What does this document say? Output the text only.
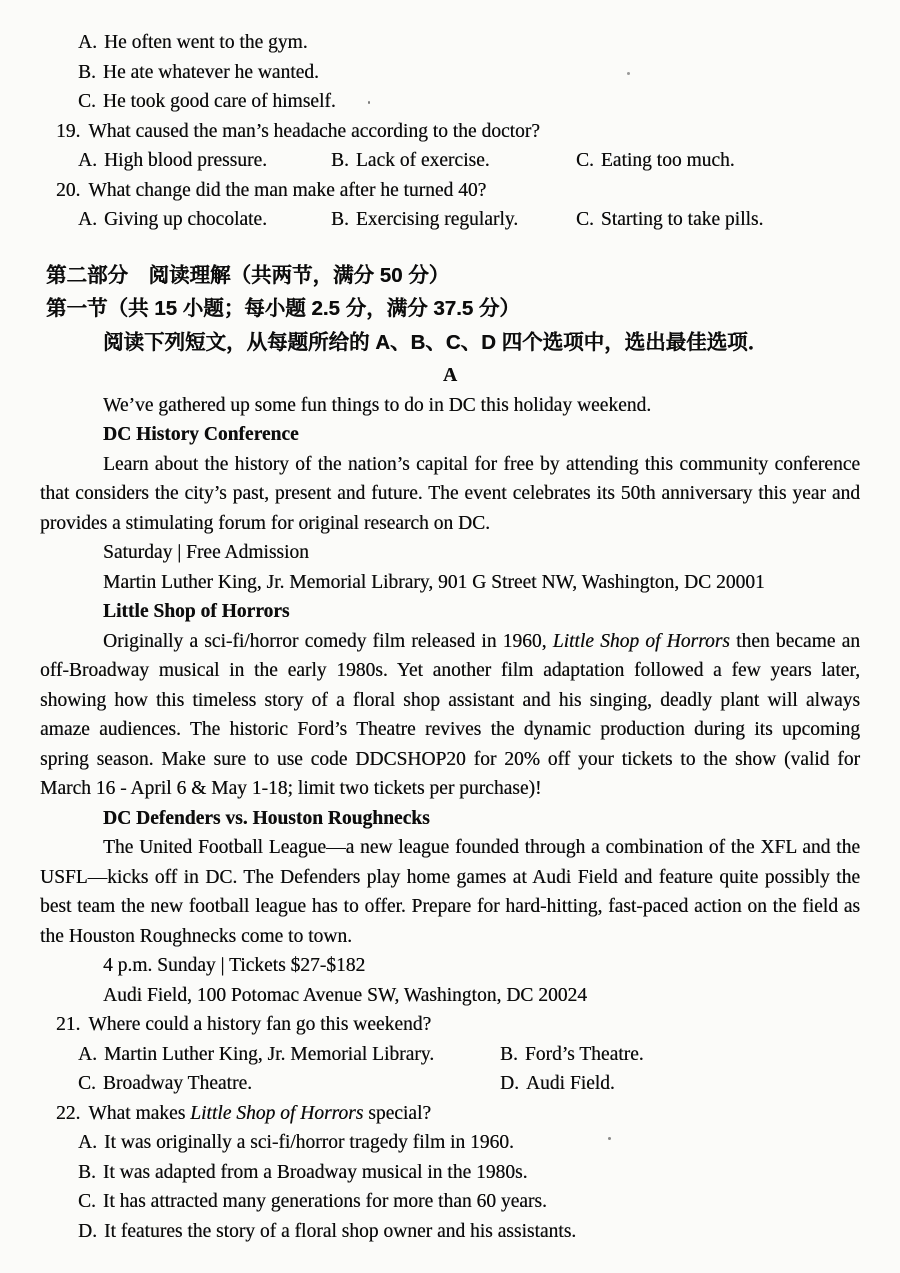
A. He often went to the gym.

B. He ate whatever he wanted.

C. He took good care of himself.

19. What caused the man’s headache according to the doctor?

A. High blood pressure.	B. Lack of exercise.	C. Eating too much.

20. What change did the man make after he turned 40?

A. Giving up chocolate.	B. Exercising regularly.	C. Starting to take pills.

第二部分　阅读理解（共两节，满分 50 分）

第一节（共 15 小题；每小题 2.5 分，满分 37.5 分）

阅读下列短文，从每题所给的 A、B、C、D 四个选项中，选出最佳选项．

A

We’ve gathered up some fun things to do in DC this holiday weekend.

DC History Conference

Learn about the history of the nation’s capital for free by attending this community conference that considers the city’s past, present and future. The event celebrates its 50th anniversary this year and provides a stimulating forum for original research on DC.

Saturday | Free Admission

Martin Luther King, Jr. Memorial Library, 901 G Street NW, Washington, DC 20001

Little Shop of Horrors

Originally a sci-fi/horror comedy film released in 1960, Little Shop of Horrors then became an off-Broadway musical in the early 1980s. Yet another film adaptation followed a few years later, showing how this timeless story of a floral shop assistant and his singing, deadly plant will always amaze audiences. The historic Ford’s Theatre revives the dynamic production during its upcoming spring season. Make sure to use code DDCSHOP20 for 20% off your tickets to the show (valid for March 16 - April 6 & May 1-18; limit two tickets per purchase)!

DC Defenders vs. Houston Roughnecks

The United Football League—a new league founded through a combination of the XFL and the USFL—kicks off in DC. The Defenders play home games at Audi Field and feature quite possibly the best team the new football league has to offer. Prepare for hard-hitting, fast-paced action on the field as the Houston Roughnecks come to town.

4 p.m. Sunday | Tickets $27-$182

Audi Field, 100 Potomac Avenue SW, Washington, DC 20024

21. Where could a history fan go this weekend?

A. Martin Luther King, Jr. Memorial Library.	B. Ford’s Theatre.
C. Broadway Theatre.	D. Audi Field.

22. What makes Little Shop of Horrors special?

A. It was originally a sci-fi/horror tragedy film in 1960.

B. It was adapted from a Broadway musical in the 1980s.

C. It has attracted many generations for more than 60 years.

D. It features the story of a floral shop owner and his assistants.
